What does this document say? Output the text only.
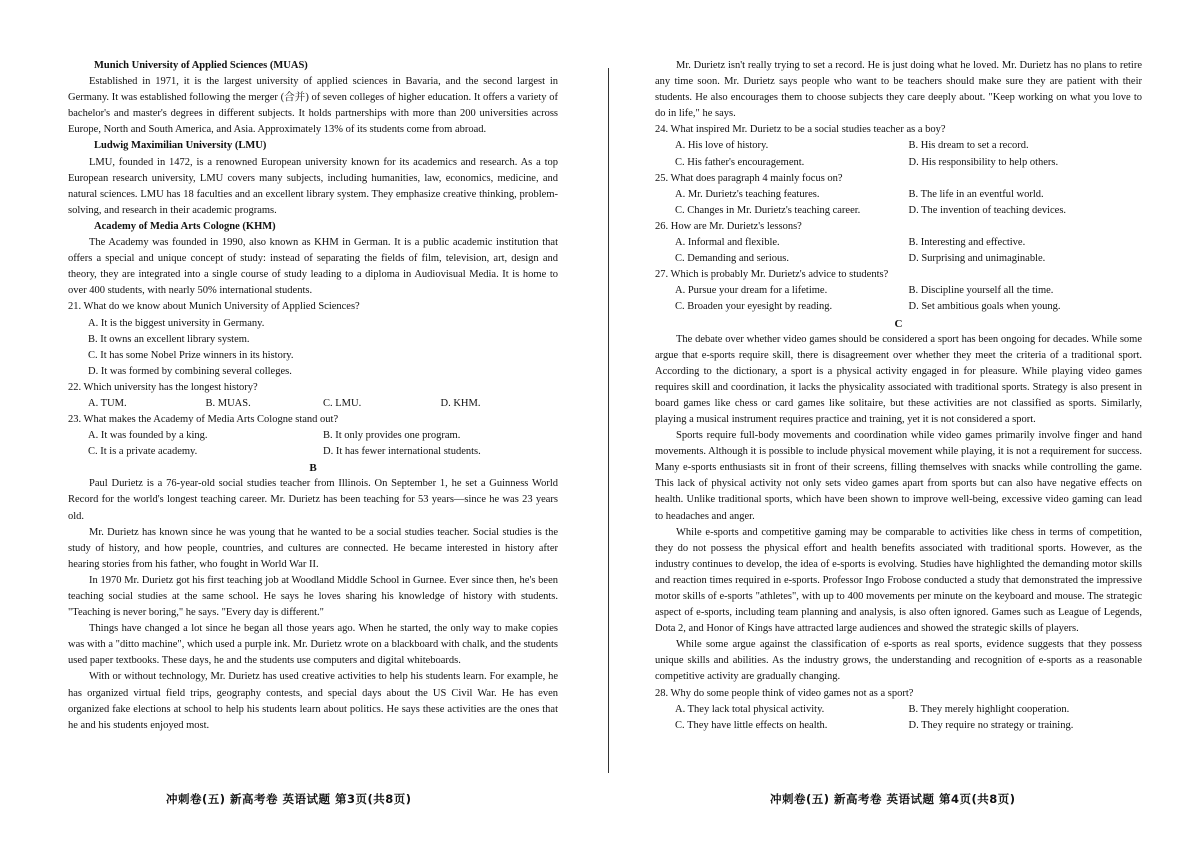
Munich University of Applied Sciences (MUAS)

Established in 1971, it is the largest university of applied sciences in Bavaria, and the second largest in Germany. It was established following the merger (合并) of seven colleges of higher education. It offers a variety of bachelor's and master's degrees in different subjects. It holds partnerships with more than 200 universities across Europe, North and South America, and Asia. Approximately 13% of its students come from abroad.

Ludwig Maximilian University (LMU)

LMU, founded in 1472, is a renowned European university known for its academics and research. As a top European research university, LMU covers many subjects, including humanities, law, economics, medicine, and natural sciences. LMU has 18 faculties and an excellent library system. They emphasize creative thinking, problem-solving, and research in their academic programs.

Academy of Media Arts Cologne (KHM)

The Academy was founded in 1990, also known as KHM in German. It is a public academic institution that offers a special and unique concept of study: instead of separating the fields of film, television, art, design and theory, they are integrated into a single course of study leading to a diploma in Audiovisual Media. It is home to over 400 students, with nearly 50% international students.

21. What do we know about Munich University of Applied Sciences?
A. It is the biggest university in Germany.
B. It owns an excellent library system.
C. It has some Nobel Prize winners in its history.
D. It was formed by combining several colleges.
22. Which university has the longest history?
A. TUM.	B. MUAS.	C. LMU.	D. KHM.
23. What makes the Academy of Media Arts Cologne stand out?
A. It was founded by a king.	B. It only provides one program.
C. It is a private academy.	D. It has fewer international students.
B

Paul Durietz is a 76-year-old social studies teacher from Illinois. On September 1, he set a Guinness World Record for the world's longest teaching career. Mr. Durietz has been teaching for 53 years—since he was 23 years old.

Mr. Durietz has known since he was young that he wanted to be a social studies teacher. Social studies is the study of history, and how people, countries, and cultures are connected. He became interested in history after hearing stories from his father, who fought in World War II.

In 1970 Mr. Durietz got his first teaching job at Woodland Middle School in Gurnee. Ever since then, he's been teaching social studies at the same school. He says he loves sharing his knowledge of history with students. "Teaching is never boring," he says. "Every day is different."

Things have changed a lot since he began all those years ago. When he started, the only way to make copies was with a "ditto machine", which used a purple ink. Mr. Durietz wrote on a blackboard with chalk, and the students used paper textbooks. These days, he and the students use computers and digital whiteboards.

With or without technology, Mr. Durietz has used creative activities to help his students learn. For example, he has organized virtual field trips, geography contests, and special days about the US Civil War. He has even organized fake elections at school to help his students learn about politics. He says these activities are the ones that he and his students enjoyed most.

Mr. Durietz isn't really trying to set a record. He is just doing what he loved. Mr. Durietz has no plans to retire any time soon. Mr. Durietz says people who want to be teachers should make sure they are patient with their students. He also encourages them to choose subjects they care deeply about. "Keep working on what you love to do in life," he says.

24. What inspired Mr. Durietz to be a social studies teacher as a boy?
A. His love of history.	B. His dream to set a record.
C. His father's encouragement.	D. His responsibility to help others.
25. What does paragraph 4 mainly focus on?
A. Mr. Durietz's teaching features.	B. The life in an eventful world.
C. Changes in Mr. Durietz's teaching career.	D. The invention of teaching devices.
26. How are Mr. Durietz's lessons?
A. Informal and flexible.	B. Interesting and effective.
C. Demanding and serious.	D. Surprising and unimaginable.
27. Which is probably Mr. Durietz's advice to students?
A. Pursue your dream for a lifetime.	B. Discipline yourself all the time.
C. Broaden your eyesight by reading.	D. Set ambitious goals when young.
C

The debate over whether video games should be considered a sport has been ongoing for decades. While some argue that e-sports require skill, there is disagreement over whether they meet the criteria of a traditional sport. According to the dictionary, a sport is a physical activity engaged in for pleasure. While playing video games requires skill and coordination, it lacks the physicality associated with traditional sports. Strategy is also present in board games like chess or card games like solitaire, but these activities are not classified as sports. Similarly, playing a musical instrument requires practice and training, yet it is not considered a sport.

Sports require full-body movements and coordination while video games primarily involve finger and hand movements. Although it is possible to include physical movement while playing, it is not a requirement for success. Many e-sports enthusiasts sit in front of their screens, filling themselves with snacks while controlling the game. This lack of physical activity not only sets video games apart from sports but can also have negative effects on health. Unlike traditional sports, which have been shown to improve well-being, excessive video gaming can lead to headaches and anger.

While e-sports and competitive gaming may be comparable to activities like chess in terms of competition, they do not possess the physical effort and health benefits associated with traditional sports. However, as the industry continues to develop, the idea of e-sports is evolving. Studies have highlighted the demanding motor skills and reaction times required in e-sports. Professor Ingo Frobose conducted a study that demonstrated the impressive motor skills of e-sports "athletes", with up to 400 movements per minute on the keyboard and mouse. The strategic aspect of e-sports, including team planning and analysis, is also often ignored. Games such as League of Legends, Dota 2, and Honor of Kings have attracted large audiences and showed the strategic skills of players.

While some argue against the classification of e-sports as real sports, evidence suggests that they possess unique skills and abilities. As the industry grows, the understanding and recognition of e-sports as a reasonable competitive activity are gradually changing.

28. Why do some people think of video games not as a sport?
A. They lack total physical activity.	B. They merely highlight cooperation.
C. They have little effects on health.	D. They require no strategy or training.
冲刺卷(五) 新高考卷 英语试题 第3页(共8页)	冲刺卷(五) 新高考卷 英语试题 第4页(共8页)
